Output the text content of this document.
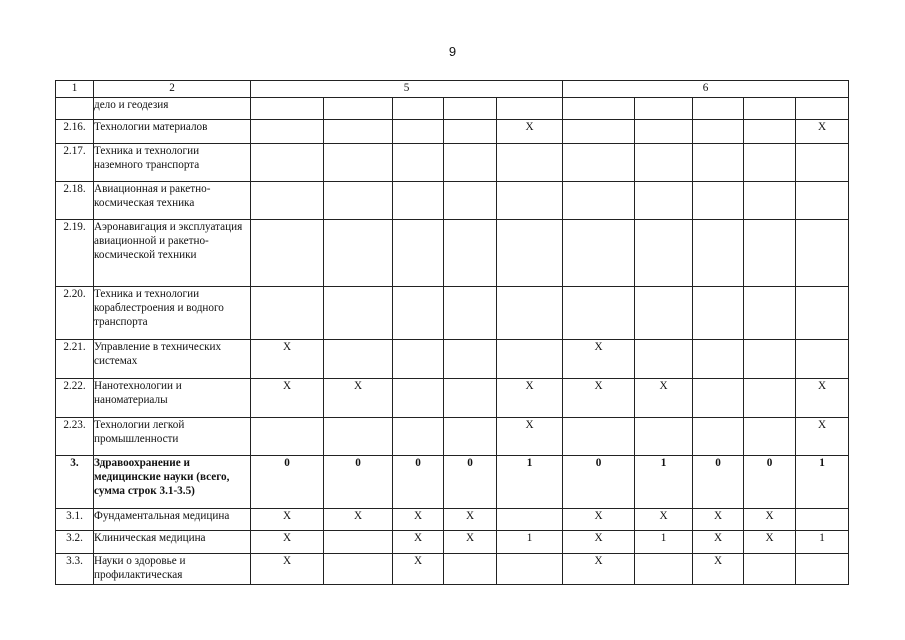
9
1	2	5					6				
	дело и геодезия										
2.16.	Технологии материалов					X					X
2.17.	Техника и технологии наземного транспорта										
2.18.	Авиационная и ракетно-космическая техника										
2.19.	Аэронавигация и эксплуатация авиационной и ракетно-космической техники										
2.20.	Техника и технологии кораблестроения и водного транспорта										
2.21.	Управление в технических системах	X					X				
2.22.	Нанотехнологии и наноматериалы	X	X			X	X	X			X
2.23.	Технологии легкой промышленности					X					X
3.	Здравоохранение и медицинские науки (всего, сумма строк 3.1-3.5)	0	0	0	0	1	0	1	0	0	1
3.1.	Фундаментальная медицина	X	X	X	X		X	X	X	X	
3.2.	Клиническая медицина	X		X	X	1	X	1	X	X	1
3.3.	Науки о здоровье и профилактическая	X		X			X		X		
